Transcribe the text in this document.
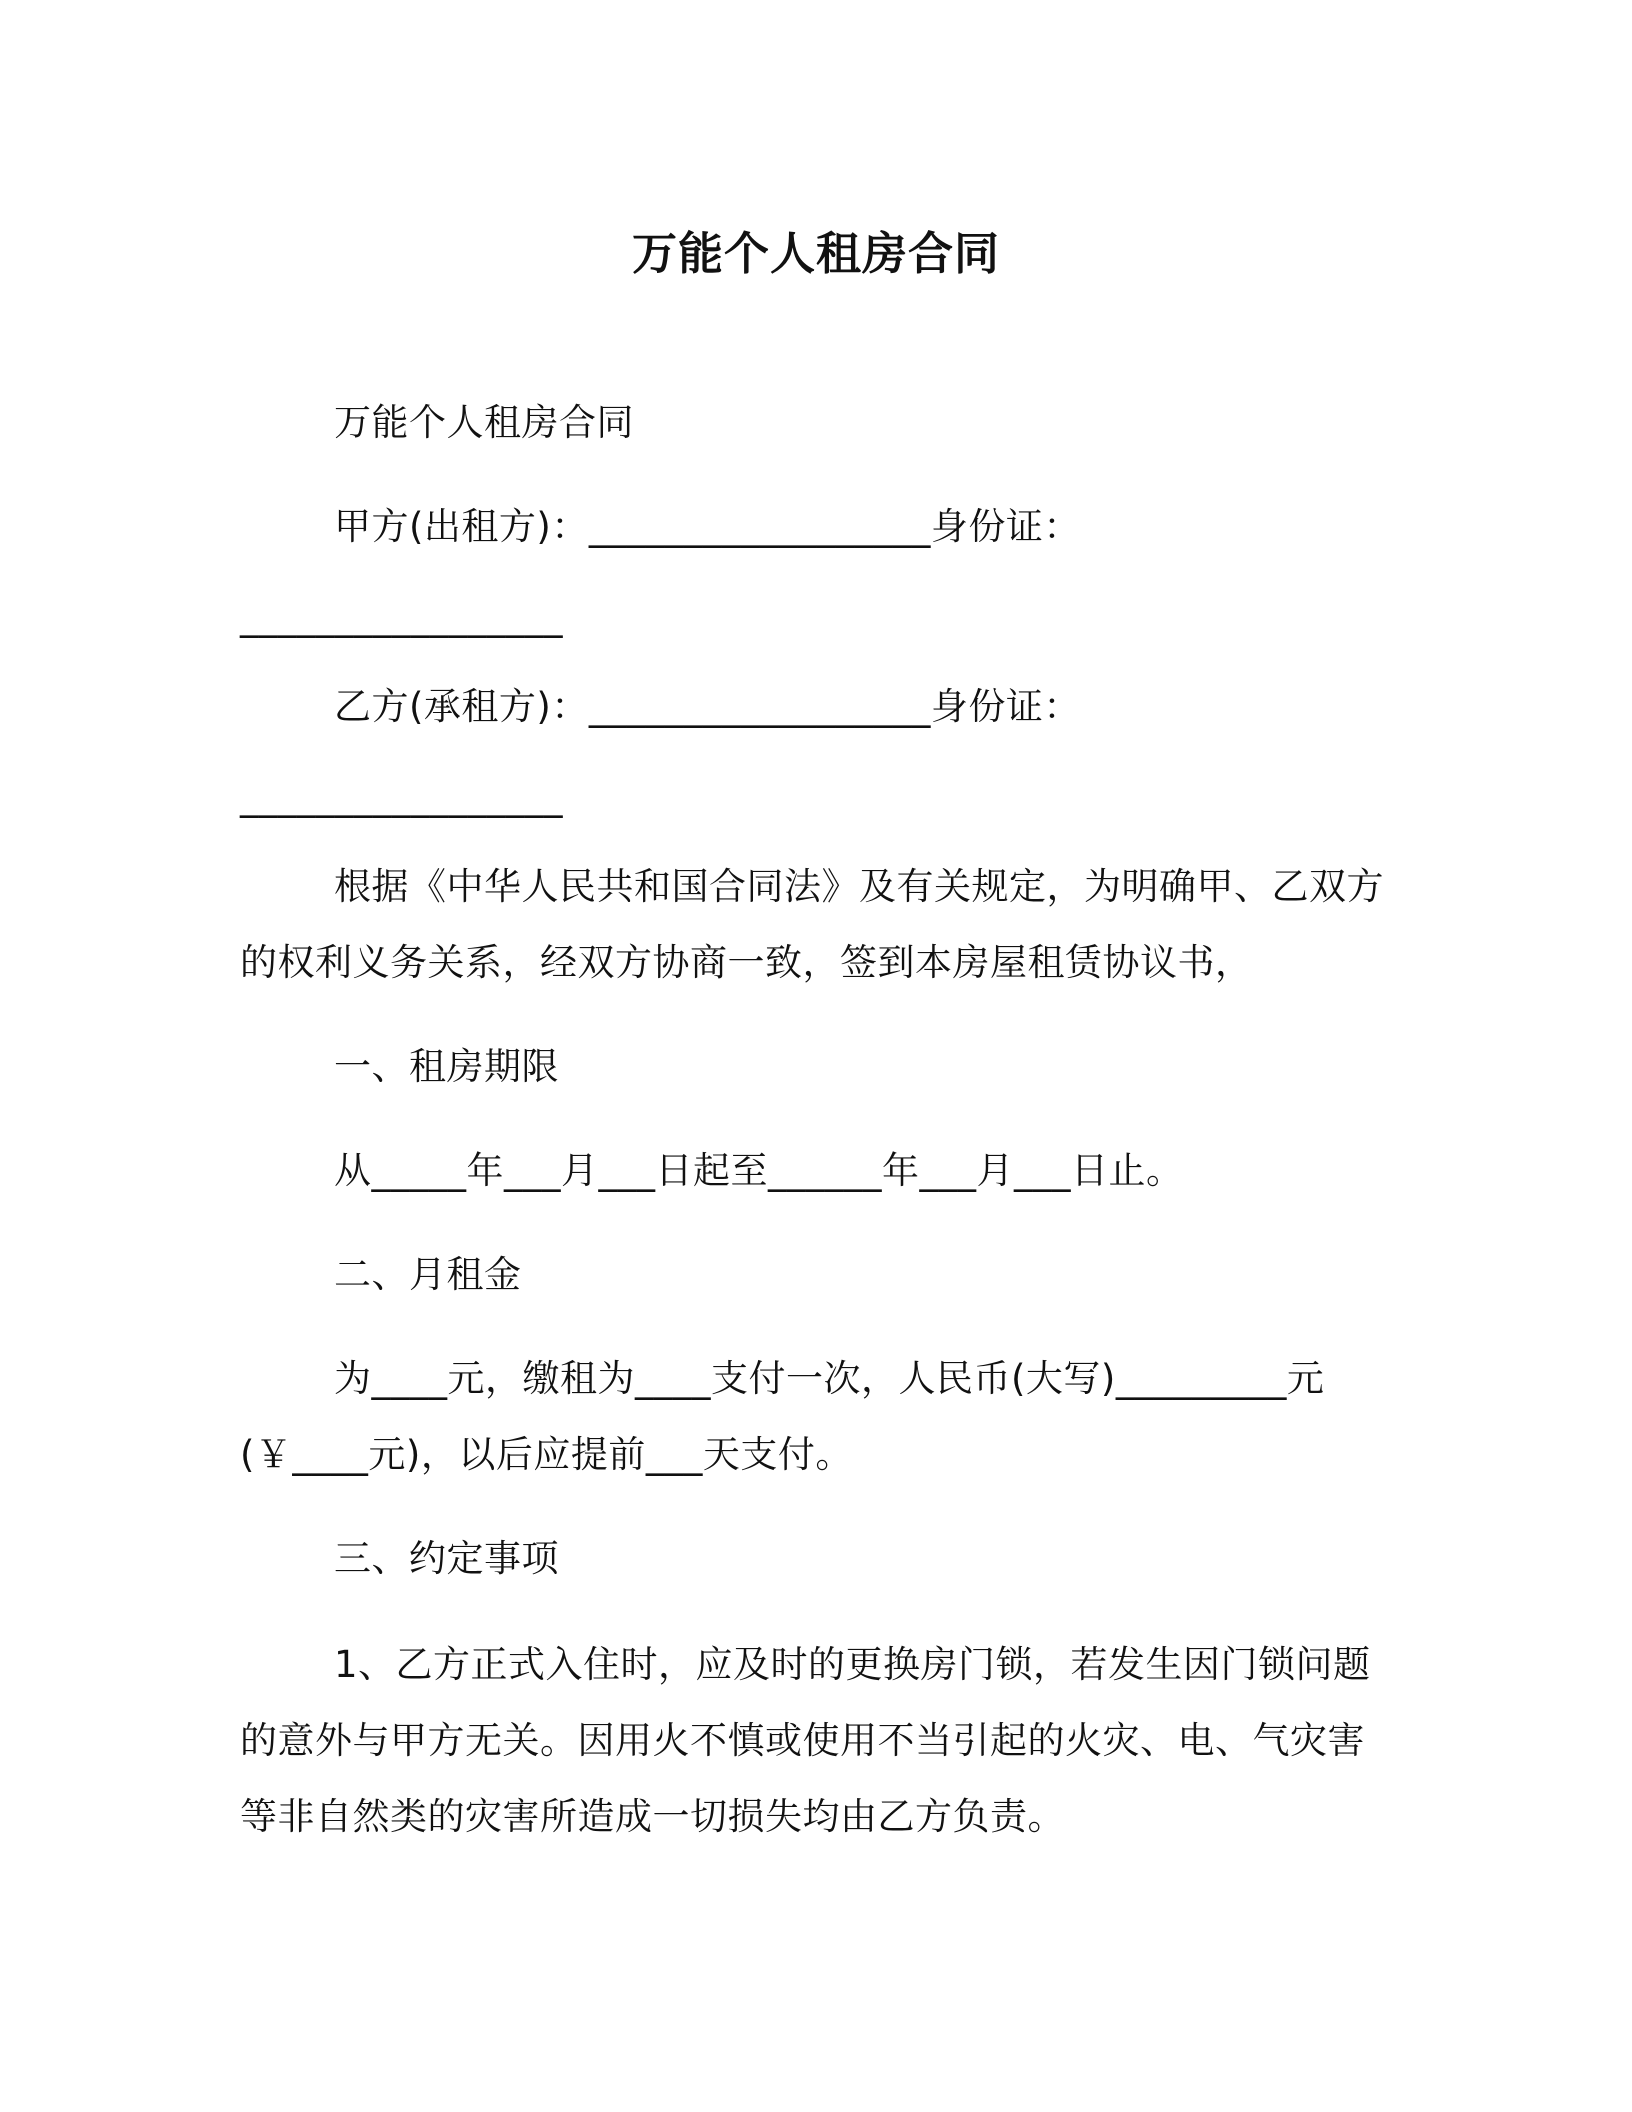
万能个人租房合同
万能个人租房合同
甲方(出租方)：__________________身份证：
_________________
乙方(承租方)：__________________身份证：
_________________
根据《中华人民共和国合同法》及有关规定，为明确甲、乙双方
的权利义务关系，经双方协商一致，签到本房屋租赁协议书，
一、租房期限
从_____年___月___日起至______年___月___日止。
二、月租金
为____元，缴租为____支付一次，人民币(大写)_________元
(￥____元)，以后应提前___天支付。
三、约定事项
1、乙方正式入住时，应及时的更换房门锁，若发生因门锁问题
的意外与甲方无关。因用火不慎或使用不当引起的火灾、电、气灾害
等非自然类的灾害所造成一切损失均由乙方负责。
